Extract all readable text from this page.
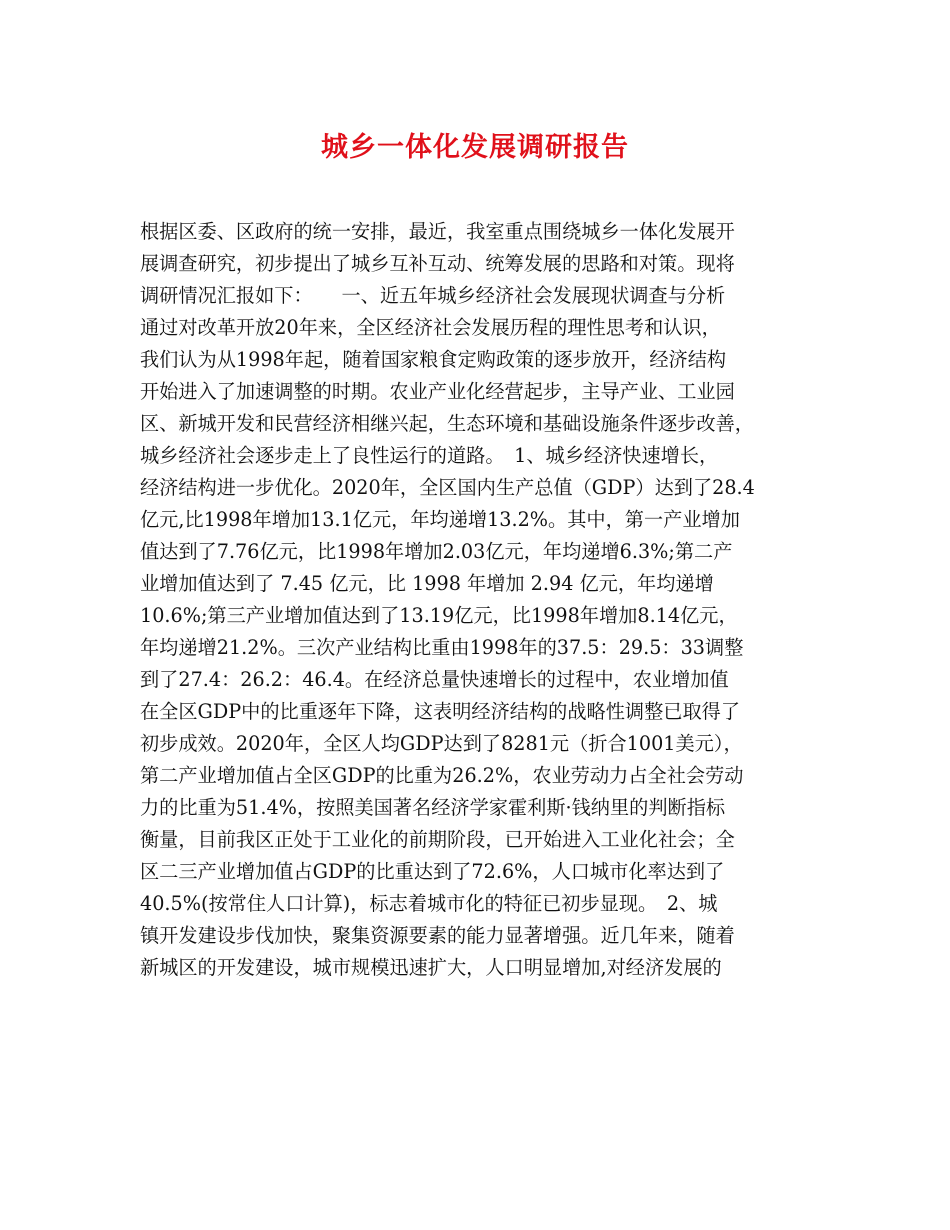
城乡一体化发展调研报告
根据区委、区政府的统一安排，最近，我室重点围绕城乡一体化发展开
展调查研究，初步提出了城乡互补互动、统筹发展的思路和对策。现将
调研情况汇报如下：　　一、近五年城乡经济社会发展现状调查与分析
通过对改革开放20年来，全区经济社会发展历程的理性思考和认识，
我们认为从1998年起，随着国家粮食定购政策的逐步放开，经济结构
开始进入了加速调整的时期。农业产业化经营起步，主导产业、工业园
区、新城开发和民营经济相继兴起，生态环境和基础设施条件逐步改善，
城乡经济社会逐步走上了良性运行的道路。　1、城乡经济快速增长，
经济结构进一步优化。2020年，全区国内生产总值（GDP）达到了28.4
亿元,比1998年增加13.1亿元，年均递增13.2%。其中，第一产业增加
值达到了7.76亿元，比1998年增加2.03亿元，年均递增6.3%;第二产
业增加值达到了 7.45 亿元，比 1998 年增加 2.94 亿元，年均递增
10.6%;第三产业增加值达到了13.19亿元，比1998年增加8.14亿元，
年均递增21.2%。三次产业结构比重由1998年的37.5：29.5：33调整
到了27.4：26.2：46.4。在经济总量快速增长的过程中，农业增加值
在全区GDP中的比重逐年下降，这表明经济结构的战略性调整已取得了
初步成效。2020年，全区人均GDP达到了8281元（折合1001美元），
第二产业增加值占全区GDP的比重为26.2%，农业劳动力占全社会劳动
力的比重为51.4%，按照美国著名经济学家霍利斯·钱纳里的判断指标
衡量，目前我区正处于工业化的前期阶段，已开始进入工业化社会；全
区二三产业增加值占GDP的比重达到了72.6%，人口城市化率达到了
40.5%(按常住人口计算)，标志着城市化的特征已初步显现。　2、城
镇开发建设步伐加快，聚集资源要素的能力显著增强。近几年来，随着
新城区的开发建设，城市规模迅速扩大，人口明显增加,对经济发展的
